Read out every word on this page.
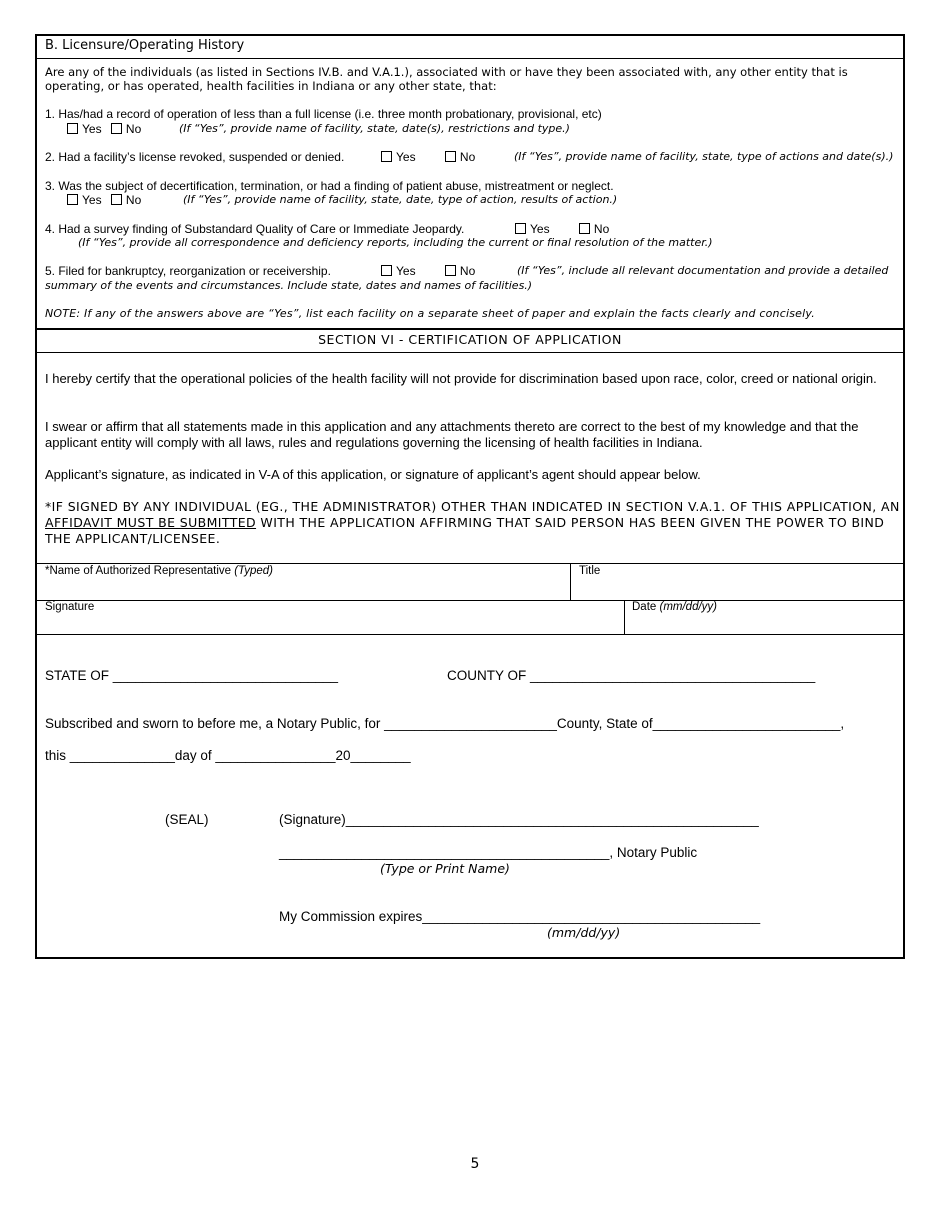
B. Licensure/Operating History
Are any of the individuals (as listed in Sections IV.B. and V.A.1.), associated with or have they been associated with, any other entity that is operating, or has operated, health facilities in Indiana or any other state, that:
1. Has/had a record of operation of less than a full license (i.e. three month probationary, provisional, etc)
Yes No	(If “Yes”, provide name of facility, state, date(s), restrictions and type.)
2. Had a facility’s license revoked, suspended or denied.	Yes	No	(If “Yes”, provide name of facility, state, type of actions and date(s).)
3. Was the subject of decertification, termination, or had a finding of patient abuse, mistreatment or neglect.
Yes No	(If “Yes”, provide name of facility, state, date, type of action, results of action.)
4. Had a survey finding of Substandard Quality of Care or Immediate Jeopardy.	Yes	No
(If “Yes”, provide all correspondence and deficiency reports, including the current or final resolution of the matter.)
5. Filed for bankruptcy, reorganization or receivership.	Yes	No	(If “Yes”, include all relevant documentation and provide a detailed
summary of the events and circumstances. Include state, dates and names of facilities.)
NOTE: If any of the answers above are “Yes”, list each facility on a separate sheet of paper and explain the facts clearly and concisely.
SECTION VI - CERTIFICATION OF APPLICATION
I hereby certify that the operational policies of the health facility will not provide for discrimination based upon race, color, creed or national origin.
I swear or affirm that all statements made in this application and any attachments thereto are correct to the best of my knowledge and that the applicant entity will comply with all laws, rules and regulations governing the licensing of health facilities in Indiana.
Applicant’s signature, as indicated in V-A of this application, or signature of applicant’s agent should appear below.
*IF SIGNED BY ANY INDIVIDUAL (EG., THE ADMINISTRATOR) OTHER THAN INDICATED IN SECTION V.A.1. OF THIS APPLICATION, AN AFFIDAVIT MUST BE SUBMITTED WITH THE APPLICATION AFFIRMING THAT SAID PERSON HAS BEEN GIVEN THE POWER TO BIND THE APPLICANT/LICENSEE.
*Name of Authorized Representative (Typed)	Title
Signature	Date (mm/dd/yy)
STATE OF ______________________________	COUNTY OF ______________________________________
Subscribed and sworn to before me, a Notary Public, for _______________________County, State of_________________________,
this ______________day of ________________20________
(SEAL)	(Signature)_______________________________________________________
____________________________________________, Notary Public
(Type or Print Name)
My Commission expires_____________________________________________
(mm/dd/yy)
5
